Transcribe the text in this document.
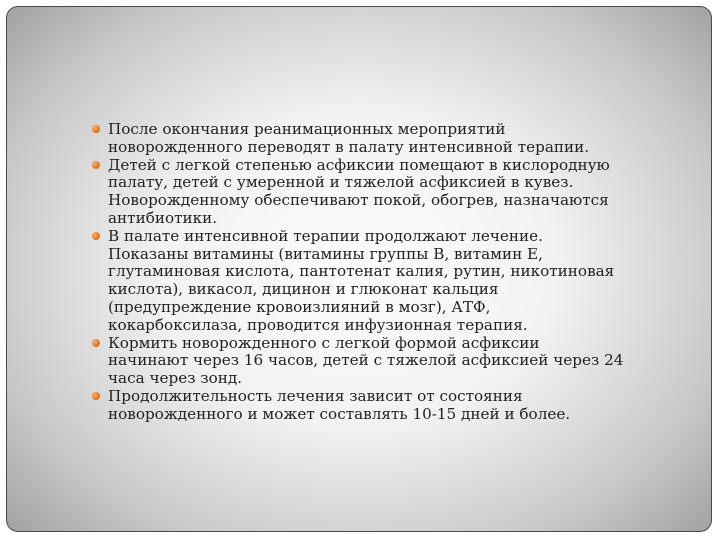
После окончания реанимационных мероприятий
новорожденного переводят в палату интенсивной терапии.
Детей с легкой степенью асфиксии помещают в кислородную
палату, детей с умеренной и тяжелой асфиксией в кувез.
Новорожденному обеспечивают покой, обогрев, назначаются
антибиотики.
В палате интенсивной терапии продолжают лечение.
Показаны витамины (витамины группы В, витамин Е,
глутаминовая кислота, пантотенат калия, рутин, никотиновая
кислота), викасол, дицинон и глюконат кальция
(предупреждение кровоизлияний в мозг), АТФ,
кокарбоксилаза, проводится инфузионная терапия.
Кормить новорожденного с легкой формой асфиксии
начинают через 16 часов, детей с тяжелой асфиксией через 24
часа через зонд.
Продолжительность лечения зависит от состояния
новорожденного и может составлять 10-15 дней и более.
